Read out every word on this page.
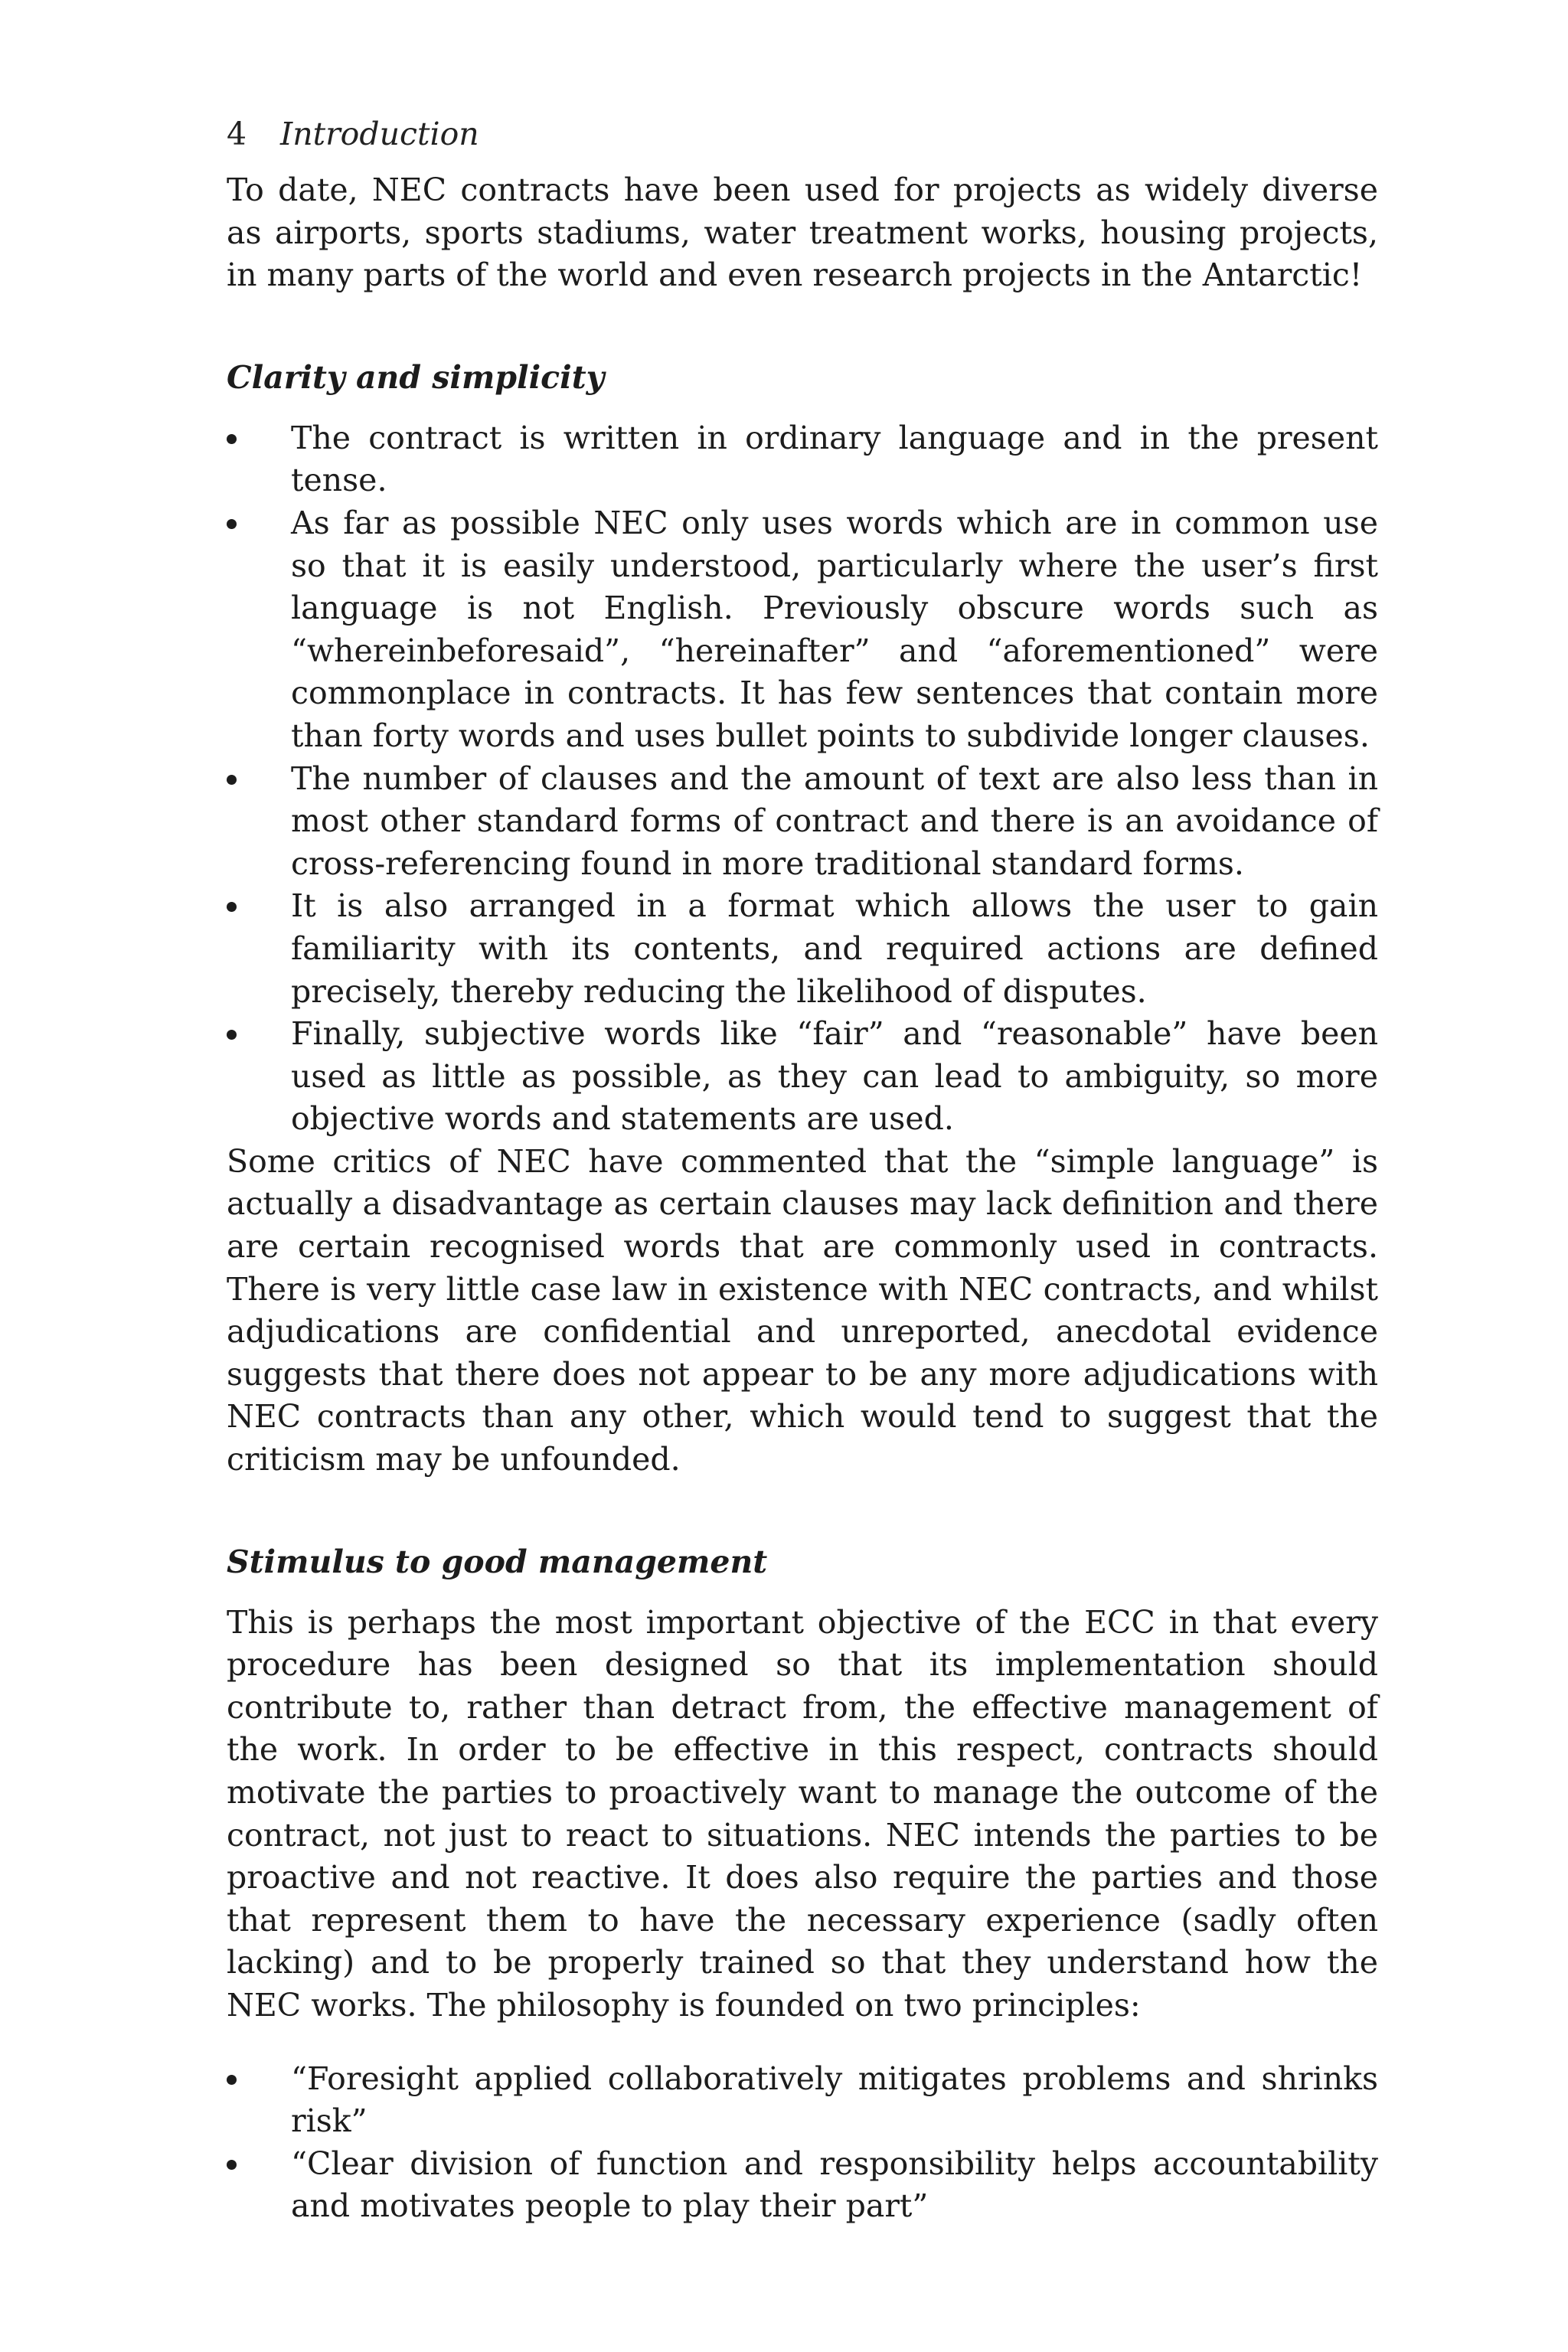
4 Introduction

To date, NEC contracts have been used for projects as widely diverse as airports, sports stadiums, water treatment works, housing projects, in many parts of the world and even research projects in the Antarctic!

Clarity and simplicity
The contract is written in ordinary language and in the present tense.
As far as possible NEC only uses words which are in common use so that it is easily understood, particularly where the user’s first language is not English. Previously obscure words such as “whereinbeforesaid”, “hereinafter” and “aforementioned” were commonplace in contracts. It has few sentences that contain more than forty words and uses bullet points to subdivide longer clauses.
The number of clauses and the amount of text are also less than in most other standard forms of contract and there is an avoidance of cross-referencing found in more traditional standard forms.
It is also arranged in a format which allows the user to gain familiarity with its contents, and required actions are defined precisely, thereby reducing the likelihood of disputes.
Finally, subjective words like “fair” and “reasonable” have been used as little as possible, as they can lead to ambiguity, so more objective words and statements are used.

Some critics of NEC have commented that the “simple language” is actually a disadvantage as certain clauses may lack definition and there are certain recognised words that are commonly used in contracts. There is very little case law in existence with NEC contracts, and whilst adjudications are confidential and unreported, anecdotal evidence suggests that there does not appear to be any more adjudications with NEC contracts than any other, which would tend to suggest that the criticism may be unfounded.

Stimulus to good management

This is perhaps the most important objective of the ECC in that every procedure has been designed so that its implementation should contribute to, rather than detract from, the effective management of the work. In order to be effective in this respect, contracts should motivate the parties to proactively want to manage the outcome of the contract, not just to react to situations. NEC intends the parties to be proactive and not reactive. It does also require the parties and those that represent them to have the necessary experience (sadly often lacking) and to be properly trained so that they understand how the NEC works. The philosophy is founded on two principles:

“Foresight applied collaboratively mitigates problems and shrinks risk”
“Clear division of function and responsibility helps accountability and motivates people to play their part”
